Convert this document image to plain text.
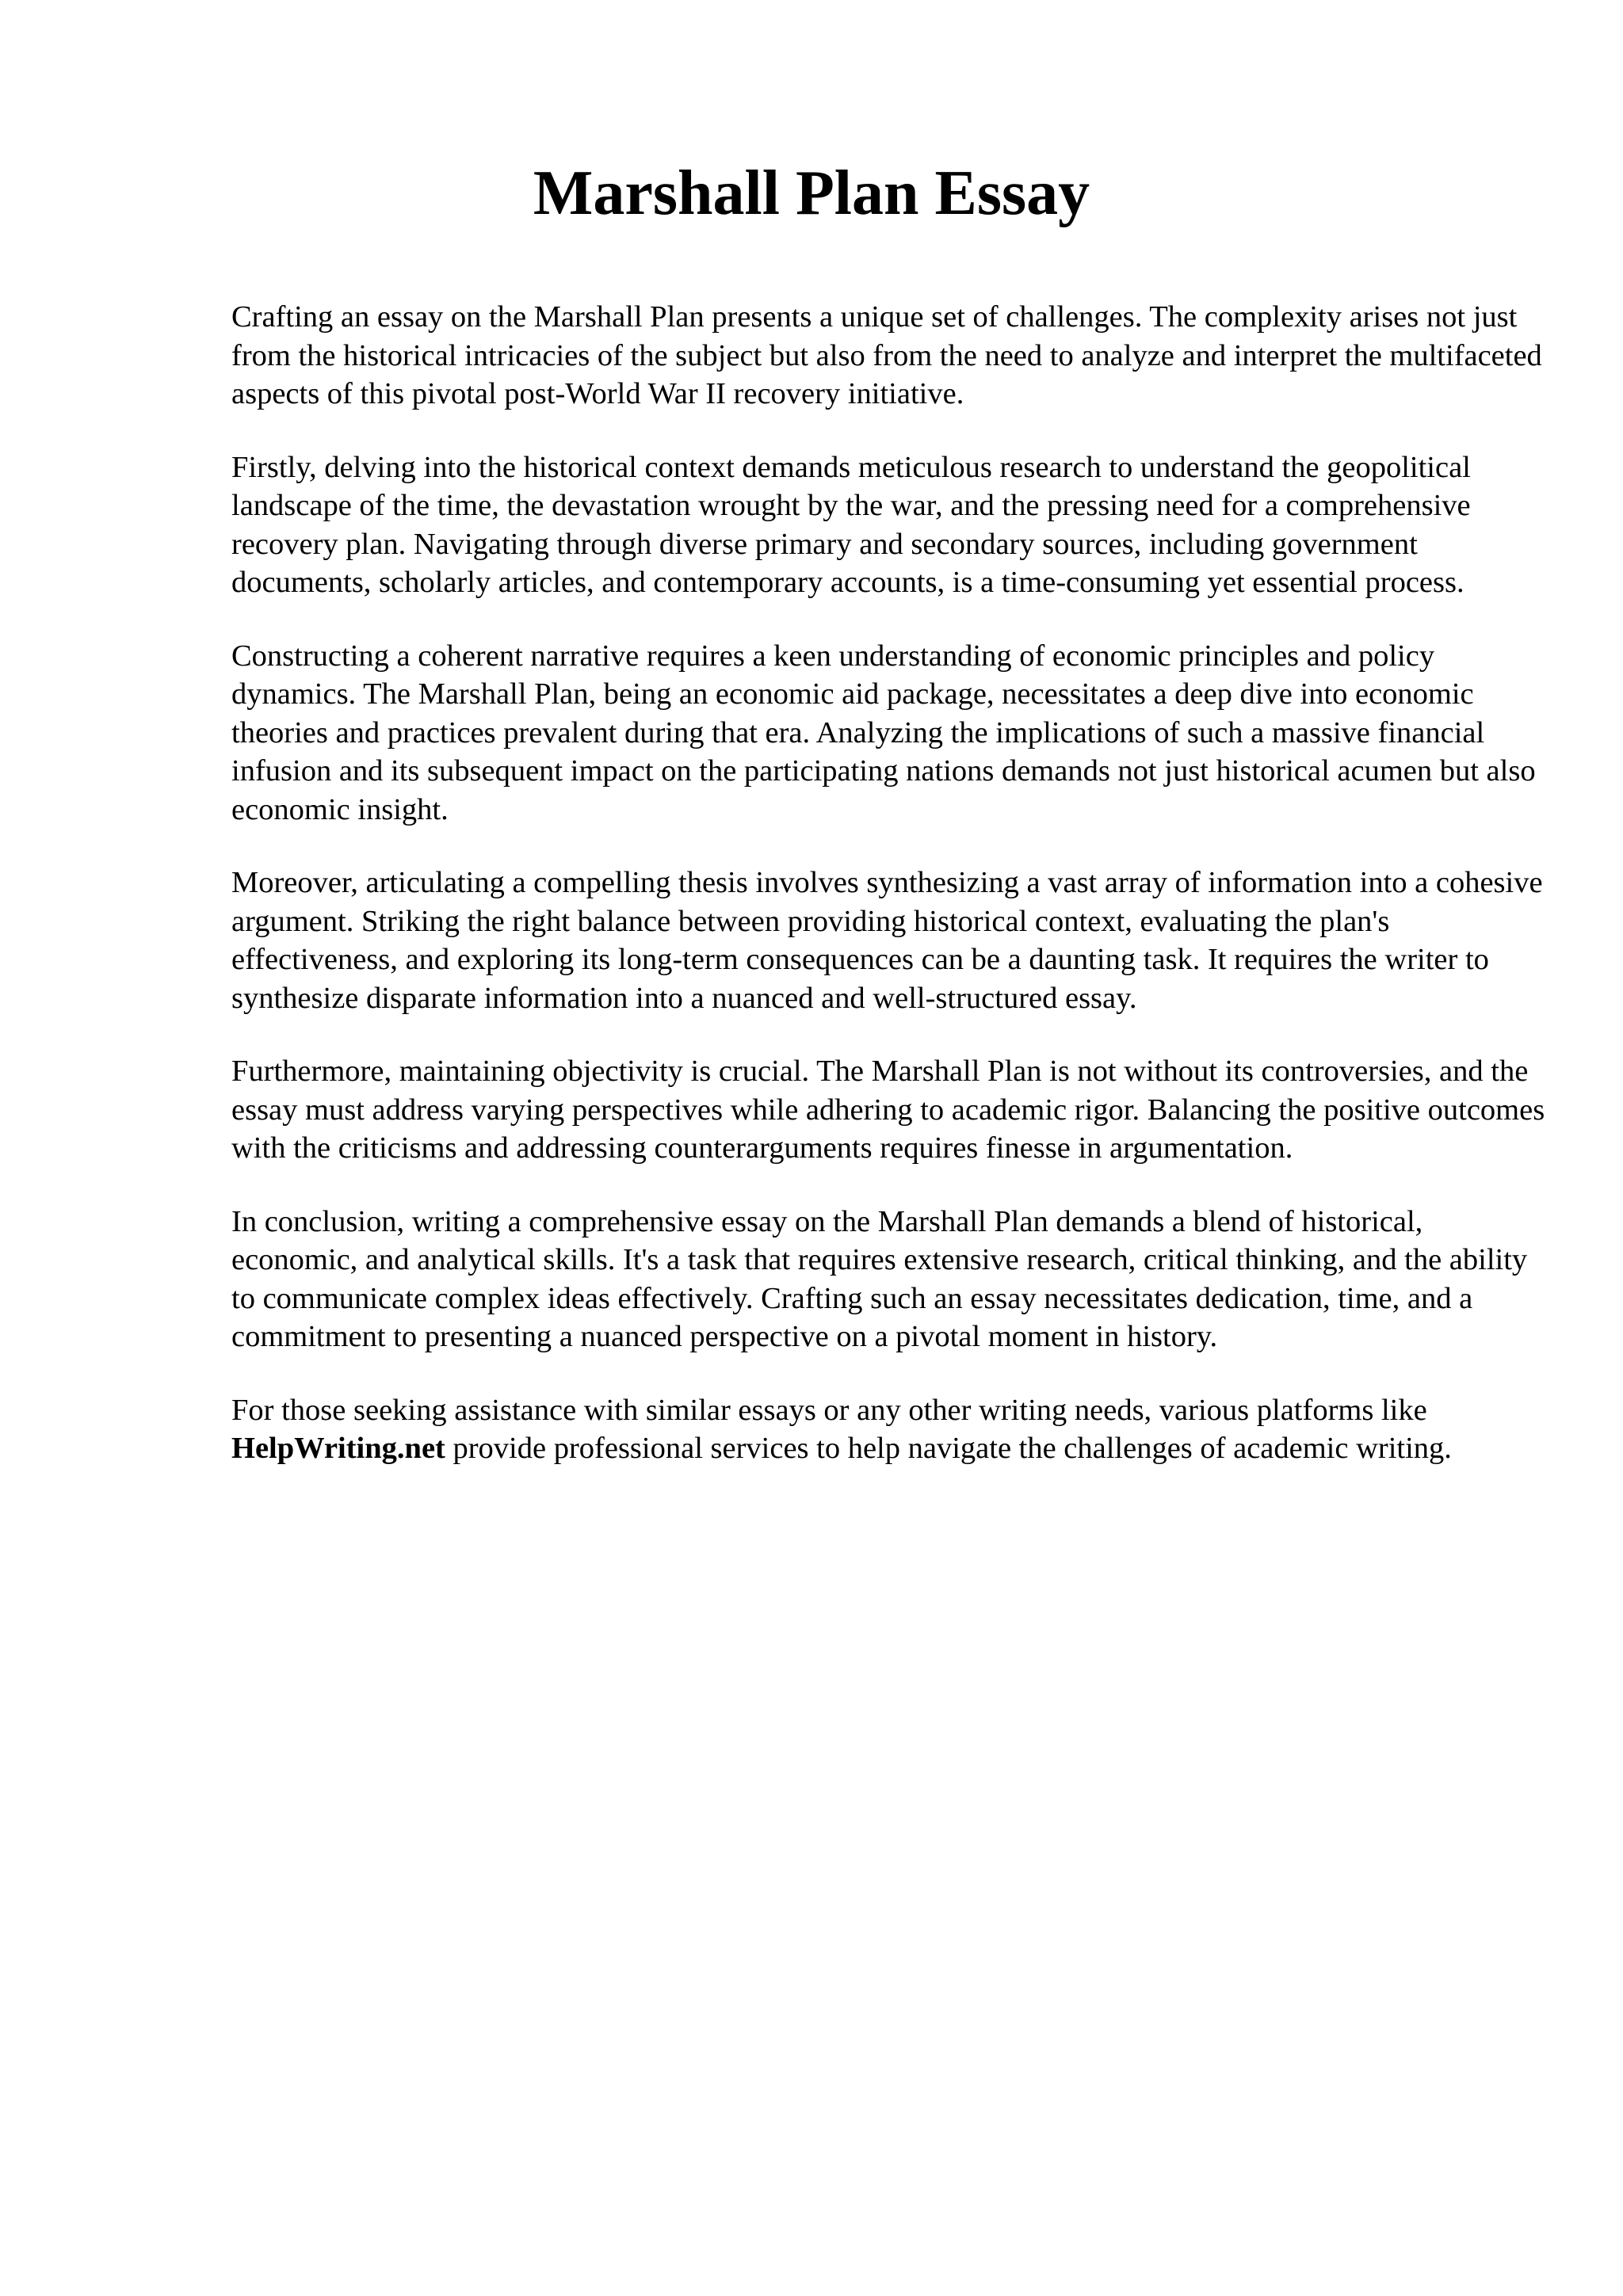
Marshall Plan Essay

Crafting an essay on the Marshall Plan presents a unique set of challenges. The complexity arises not just from the historical intricacies of the subject but also from the need to analyze and interpret the multifaceted aspects of this pivotal post-World War II recovery initiative.

Firstly, delving into the historical context demands meticulous research to understand the geopolitical landscape of the time, the devastation wrought by the war, and the pressing need for a comprehensive recovery plan. Navigating through diverse primary and secondary sources, including government documents, scholarly articles, and contemporary accounts, is a time-consuming yet essential process.

Constructing a coherent narrative requires a keen understanding of economic principles and policy dynamics. The Marshall Plan, being an economic aid package, necessitates a deep dive into economic theories and practices prevalent during that era. Analyzing the implications of such a massive financial infusion and its subsequent impact on the participating nations demands not just historical acumen but also economic insight.

Moreover, articulating a compelling thesis involves synthesizing a vast array of information into a cohesive argument. Striking the right balance between providing historical context, evaluating the plan's effectiveness, and exploring its long-term consequences can be a daunting task. It requires the writer to synthesize disparate information into a nuanced and well-structured essay.

Furthermore, maintaining objectivity is crucial. The Marshall Plan is not without its controversies, and the essay must address varying perspectives while adhering to academic rigor. Balancing the positive outcomes with the criticisms and addressing counterarguments requires finesse in argumentation.

In conclusion, writing a comprehensive essay on the Marshall Plan demands a blend of historical, economic, and analytical skills. It's a task that requires extensive research, critical thinking, and the ability to communicate complex ideas effectively. Crafting such an essay necessitates dedication, time, and a commitment to presenting a nuanced perspective on a pivotal moment in history.

For those seeking assistance with similar essays or any other writing needs, various platforms like HelpWriting.net provide professional services to help navigate the challenges of academic writing.
